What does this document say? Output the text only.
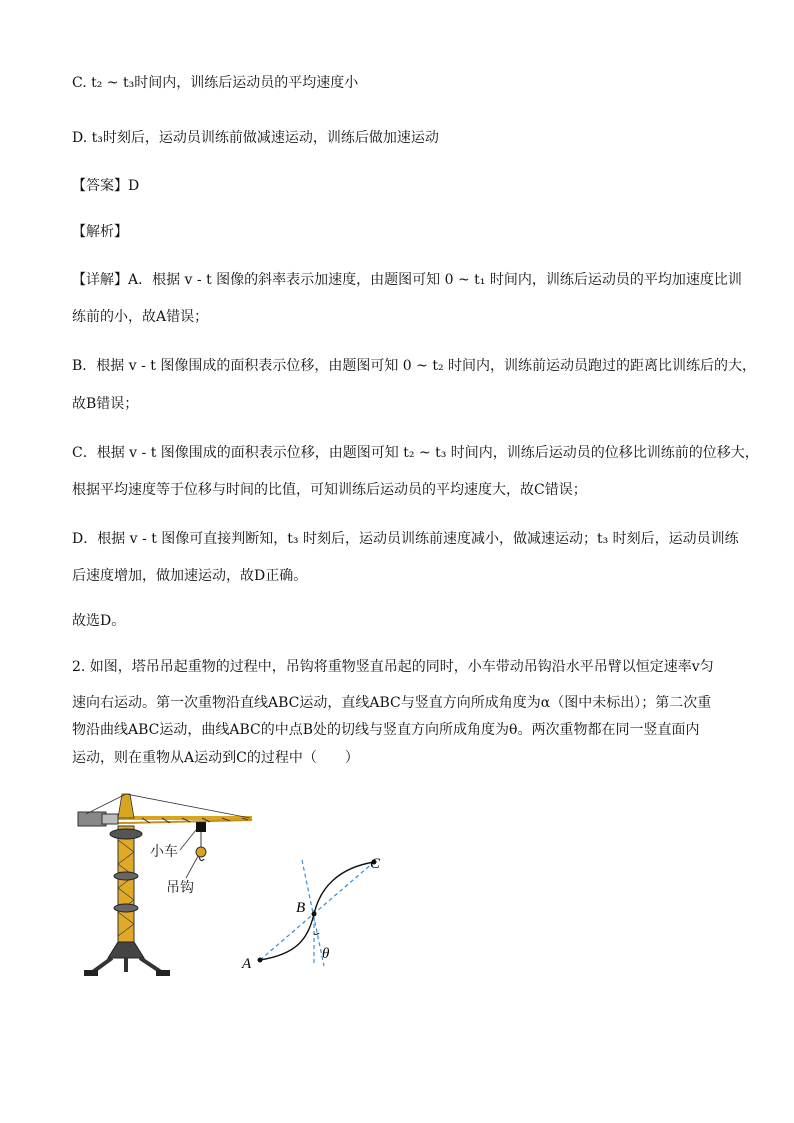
C. t₂ ~ t₃时间内，训练后运动员的平均速度小
D. t₃时刻后，运动员训练前做减速运动，训练后做加速运动
【答案】D
【解析】
【详解】A．根据 v - t 图像的斜率表示加速度，由题图可知 0 ~ t₁ 时间内，训练后运动员的平均加速度比训
练前的小，故A错误；
B．根据 v - t 图像围成的面积表示位移，由题图可知 0 ~ t₂ 时间内，训练前运动员跑过的距离比训练后的大，
故B错误；
C．根据 v - t 图像围成的面积表示位移，由题图可知 t₂ ~ t₃ 时间内，训练后运动员的位移比训练前的位移大，
根据平均速度等于位移与时间的比值，可知训练后运动员的平均速度大，故C错误；
D．根据 v - t 图像可直接判断知，t₃ 时刻后，运动员训练前速度减小，做减速运动；t₃ 时刻后，运动员训练
后速度增加，做加速运动，故D正确。
故选D。
2. 如图，塔吊吊起重物的过程中，吊钩将重物竖直吊起的同时，小车带动吊钩沿水平吊臂以恒定速率v匀
速向右运动。第一次重物沿直线ABC运动，直线ABC与竖直方向所成角度为α（图中未标出）；第二次重
物沿曲线ABC运动，曲线ABC的中点B处的切线与竖直方向所成角度为θ。两次重物都在同一竖直面内
运动，则在重物从A运动到C的过程中（　　）
小车
吊钩
A
B
C
θ
